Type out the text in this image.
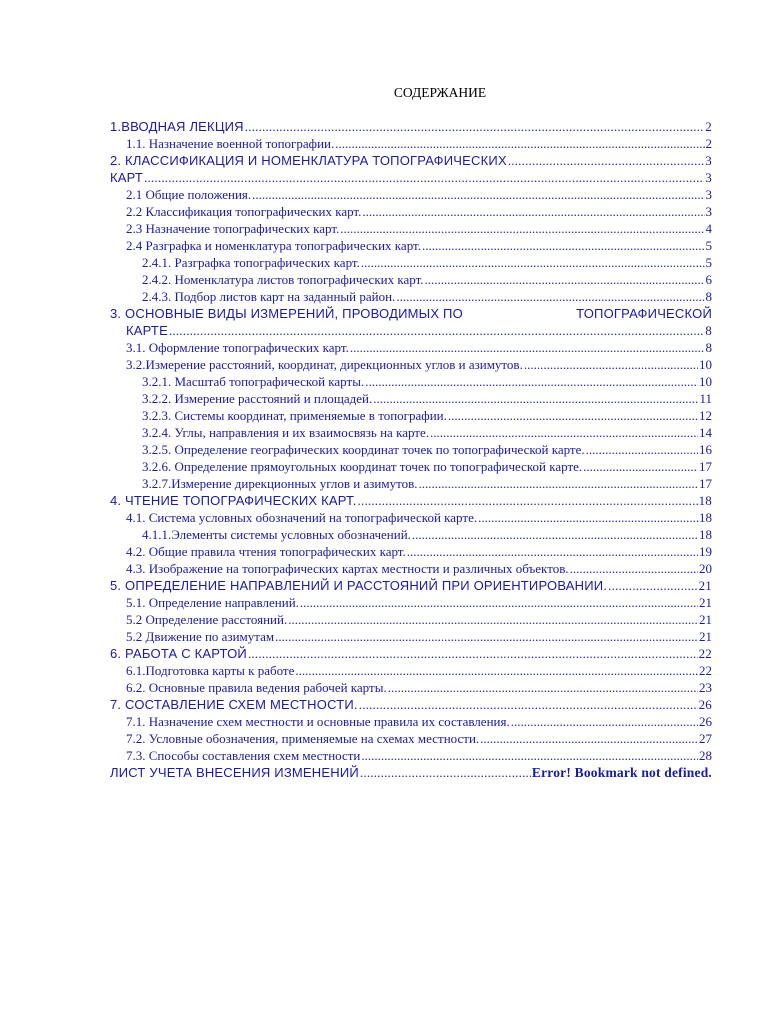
СОДЕРЖАНИЕ
1.ВВОДНАЯ ЛЕКЦИЯ .....	2
1.1. Назначение военной топографии. .....	2
2. КЛАССИФИКАЦИЯ И НОМЕНКЛАТУРА ТОПОГРАФИЧЕСКИХ .....	3
КАРТ .....	3
2.1 Общие положения. .....	3
2.2 Классификация топографических карт. .....	3
2.3 Назначение топографических карт. .....	4
2.4 Разграфка и номенклатура топографических карт. .....	5
2.4.1. Разграфка топографических карт. .....	5
2.4.2. Номенклатура листов топографических карт. .....	6
2.4.3. Подбор листов карт на заданный район. .....	8
3. ОСНОВНЫЕ ВИДЫ ИЗМЕРЕНИЙ, ПРОВОДИМЫХ ПО	ТОПОГРАФИЧЕСКОЙ
КАРТЕ .....	8
3.1. Оформление топографических карт. .....	8
3.2.Измерение расстояний, координат, дирекционных углов и азимутов. .....	10
3.2.1. Масштаб топографической карты. .....	10
3.2.2. Измерение расстояний и площадей. .....	11
3.2.3. Системы координат, применяемые в топографии. .....	12
3.2.4. Углы, направления и их взаимосвязь на карте. .....	14
3.2.5. Определение географических координат точек по топографической карте. .....	16
3.2.6. Определение прямоугольных координат точек по топографической карте. .....	17
3.2.7.Измерение дирекционных углов и азимутов. .....	17
4. ЧТЕНИЕ ТОПОГРАФИЧЕСКИХ КАРТ. .....	18
4.1. Система условных обозначений на топографической карте. .....	18
4.1.1.Элементы системы условных обозначений. .....	18
4.2. Общие правила чтения топографических карт. .....	19
4.3. Изображение на топографических картах местности и различных объектов. .....	20
5. ОПРЕДЕЛЕНИЕ НАПРАВЛЕНИЙ И РАССТОЯНИЙ ПРИ ОРИЕНТИРОВАНИИ. .....	21
5.1. Определение направлений. .....	21
5.2 Определение расстояний. .....	21
5.2 Движение по азимутам .....	21
6. РАБОТА С КАРТОЙ .....	22
6.1.Подготовка карты к работе .....	22
6.2. Основные правила ведения рабочей карты. .....	23
7. СОСТАВЛЕНИЕ СХЕМ МЕСТНОСТИ. .....	26
7.1. Назначение схем местности и основные правила их составления. .....	26
7.2. Условные обозначения, применяемые на схемах местности. .....	27
7.3. Способы составления схем местности .....	28
ЛИСТ УЧЕТА ВНЕСЕНИЯ ИЗМЕНЕНИЙ .....	Error! Bookmark not defined.
